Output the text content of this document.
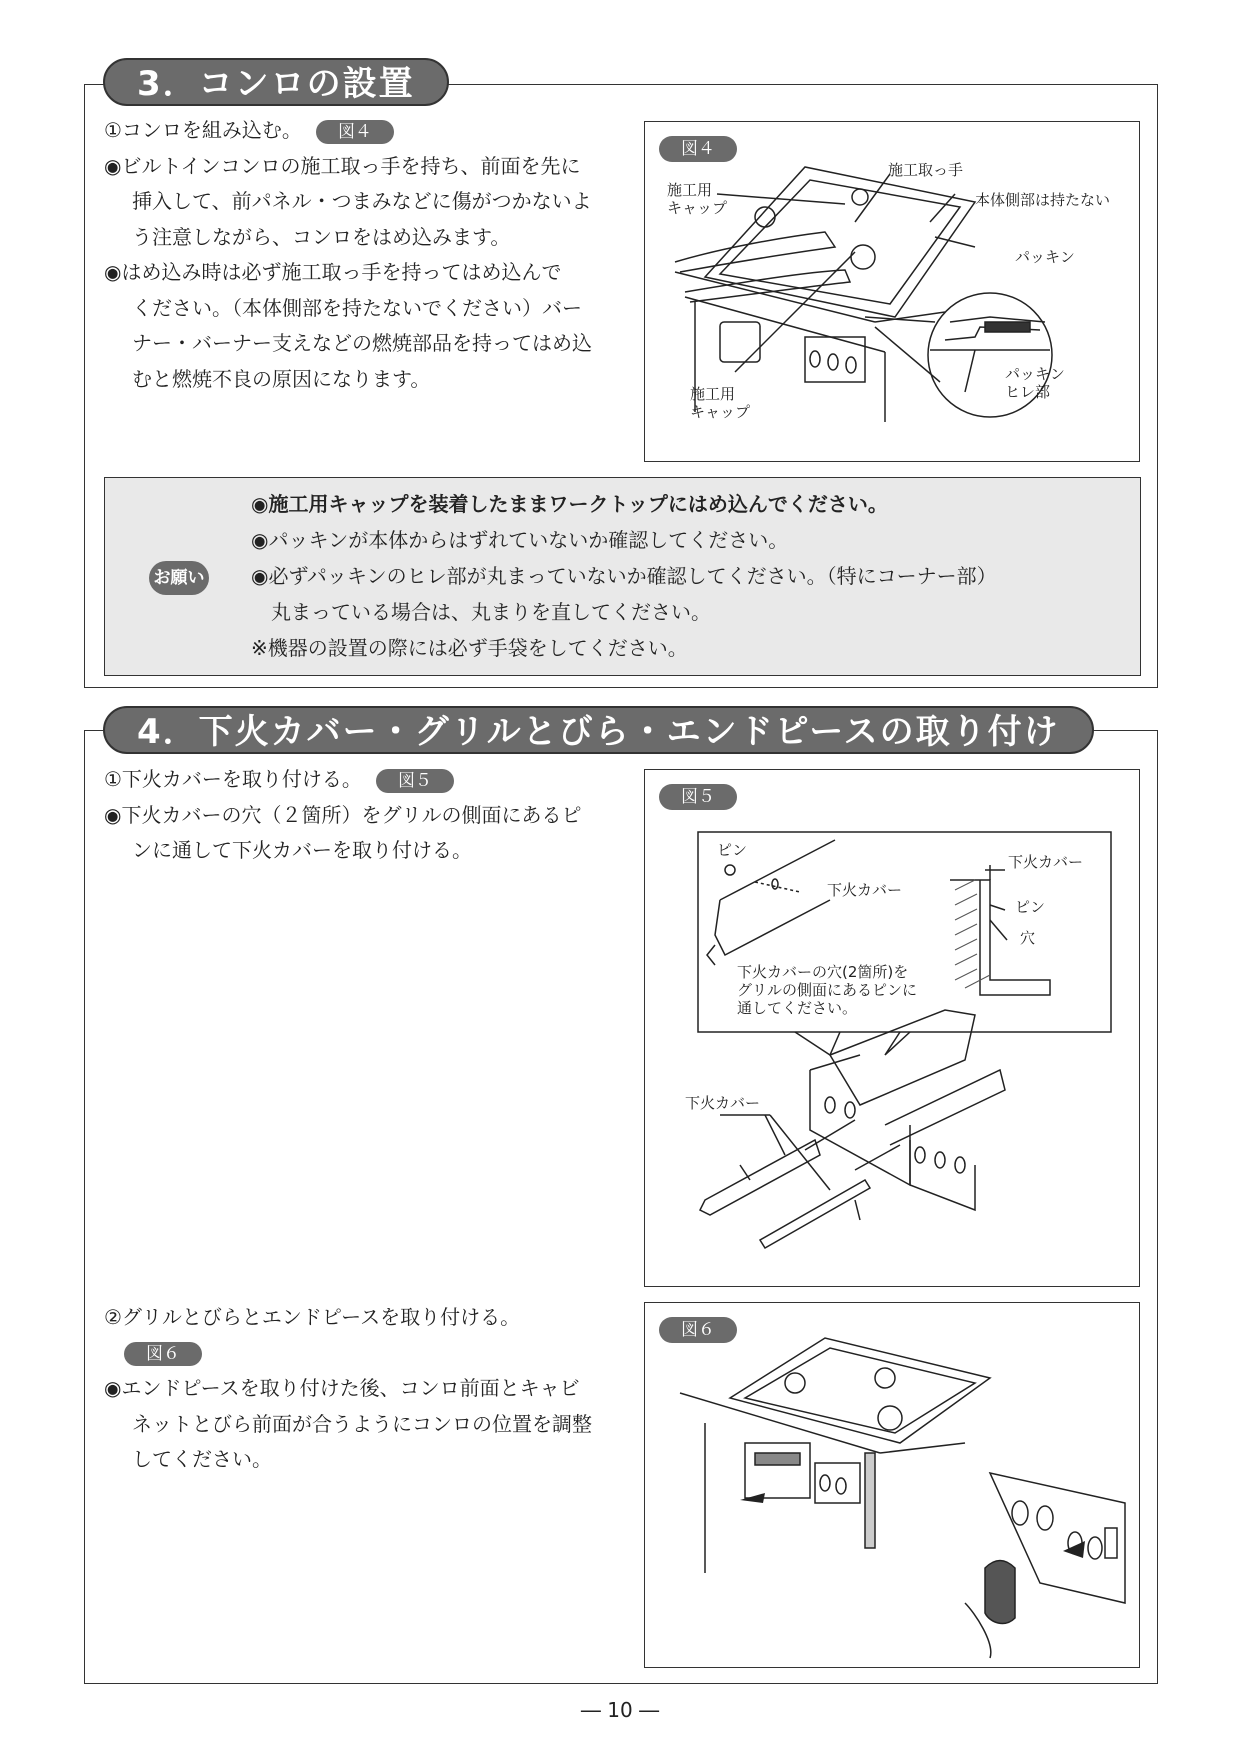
3．コンロの設置

①コンロを組み込む。 図４

◉ビルトインコンロの施工取っ手を持ち、前面を先に
挿入して、前パネル・つまみなどに傷がつかないよ
う注意しながら、コンロをはめ込みます。

◉はめ込み時は必ず施工取っ手を持ってはめ込んで
ください。（本体側部を持たないでください）バー
ナー・バーナー支えなどの燃焼部品を持ってはめ込
むと燃焼不良の原因になります。

施工取っ手
施工用
キャップ	本体側部は持たない
パッキン
パッキン
ヒレ部
施工用
キャップ
図４
お願い

◉施工用キャップを装着したままワークトップにはめ込んでください。

◉パッキンが本体からはずれていないか確認してください。

◉必ずパッキンのヒレ部が丸まっていないか確認してください。（特にコーナー部）

丸まっている場合は、丸まりを直してください。

※機器の設置の際には必ず手袋をしてください。

4．下火カバー・グリルとびら・エンドピースの取り付け

①下火カバーを取り付ける。 図５

◉下火カバーの穴（２箇所）をグリルの側面にあるピ
ンに通して下火カバーを取り付ける。	ピン
下火カバー
下火カバー
ピン
穴
下火カバーの穴(2箇所)を
グリルの側面にあるピンに
通してください。
下火カバー
図５

②グリルとびらとエンドピースを取り付ける。

図６

◉エンドピースを取り付けた後、コンロ前面とキャビ
ネットとびら前面が合うようにコンロの位置を調整
してください。

図６
― 10 ―
